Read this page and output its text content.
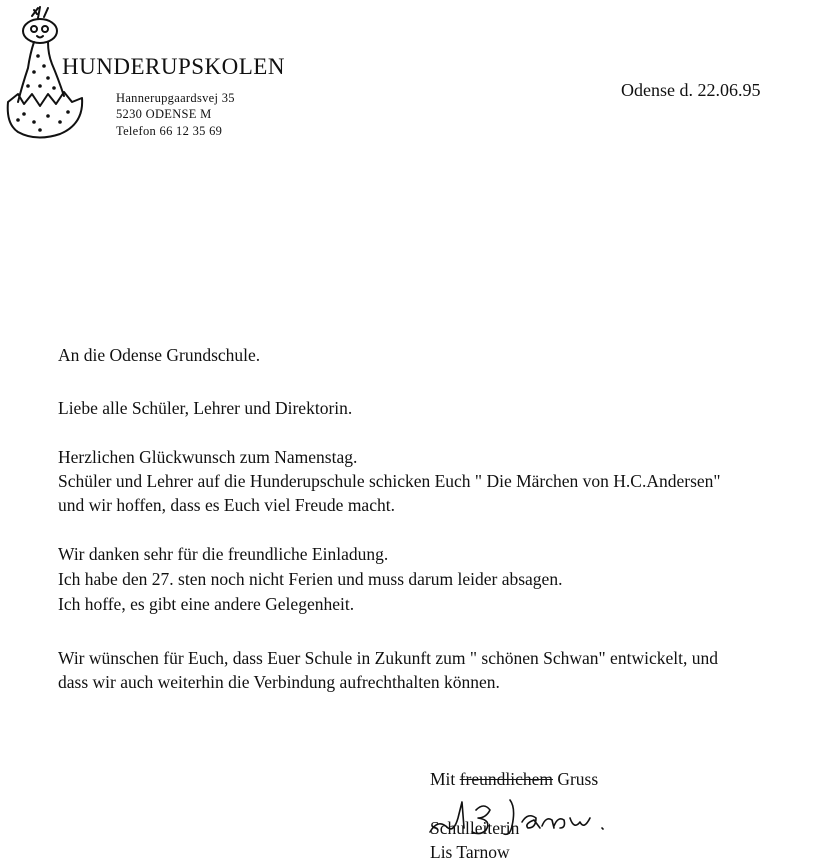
HUNDERUPSKOLEN
Hannerupgaardsvej 35
5230 ODENSE M
Telefon 66 12 35 69
Odense d. 22.06.95
An die Odense Grundschule.
Liebe alle Schüler, Lehrer und Direktorin.
Herzlichen Glückwunsch zum Namenstag.
Schüler und Lehrer auf die Hunderupschule schicken Euch " Die Märchen von H.C.Andersen"
und wir hoffen, dass es Euch viel Freude macht.
Wir danken sehr für die freundliche Einladung.
Ich habe den 27. sten noch nicht Ferien und muss darum leider absagen.
Ich hoffe, es gibt eine andere Gelegenheit.
Wir wünschen für Euch, dass Euer Schule in Zukunft zum " schönen Schwan" entwickelt, und
dass wir auch weiterhin die Verbindung aufrechthalten können.
Mit freundlichem Gruss
Schulleiterin
Lis Tarnow
